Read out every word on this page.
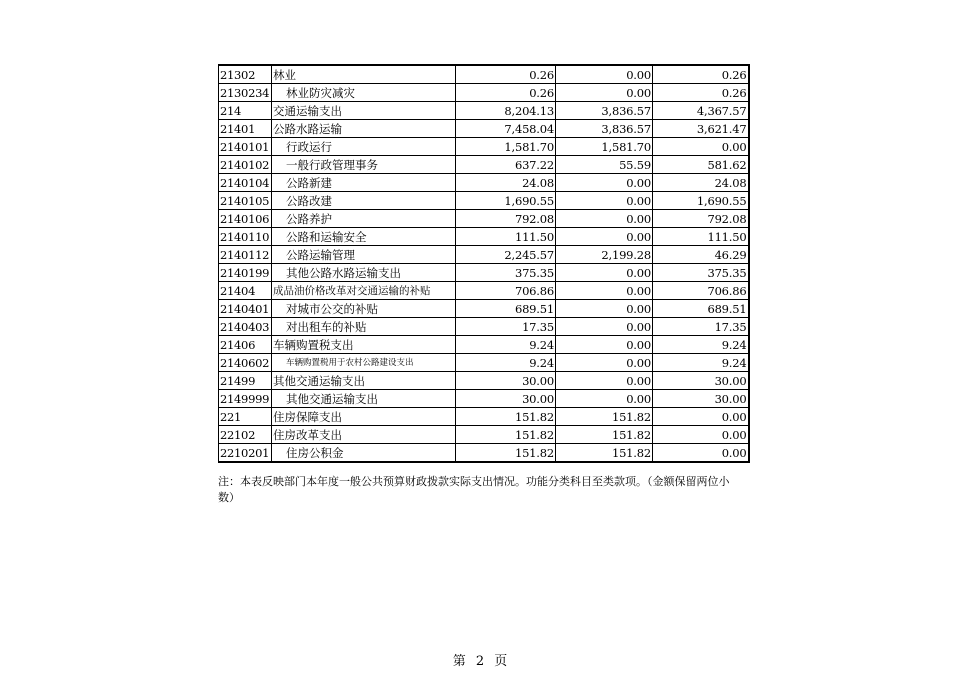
21302	林业	0.26	0.00	0.26
2130234	林业防灾减灾	0.26	0.00	0.26
214	交通运输支出	8,204.13	3,836.57	4,367.57
21401	公路水路运输	7,458.04	3,836.57	3,621.47
2140101	行政运行	1,581.70	1,581.70	0.00
2140102	一般行政管理事务	637.22	55.59	581.62
2140104	公路新建	24.08	0.00	24.08
2140105	公路改建	1,690.55	0.00	1,690.55
2140106	公路养护	792.08	0.00	792.08
2140110	公路和运输安全	111.50	0.00	111.50
2140112	公路运输管理	2,245.57	2,199.28	46.29
2140199	其他公路水路运输支出	375.35	0.00	375.35
21404	成品油价格改革对交通运输的补贴	706.86	0.00	706.86
2140401	对城市公交的补贴	689.51	0.00	689.51
2140403	对出租车的补贴	17.35	0.00	17.35
21406	车辆购置税支出	9.24	0.00	9.24
2140602	车辆购置税用于农村公路建设支出	9.24	0.00	9.24
21499	其他交通运输支出	30.00	0.00	30.00
2149999	其他交通运输支出	30.00	0.00	30.00
221	住房保障支出	151.82	151.82	0.00
22102	住房改革支出	151.82	151.82	0.00
2210201	住房公积金	151.82	151.82	0.00
注：本表反映部门本年度一般公共预算财政拨款实际支出情况。功能分类科目至类款项。（金额保留两位小数）
第 2 页
